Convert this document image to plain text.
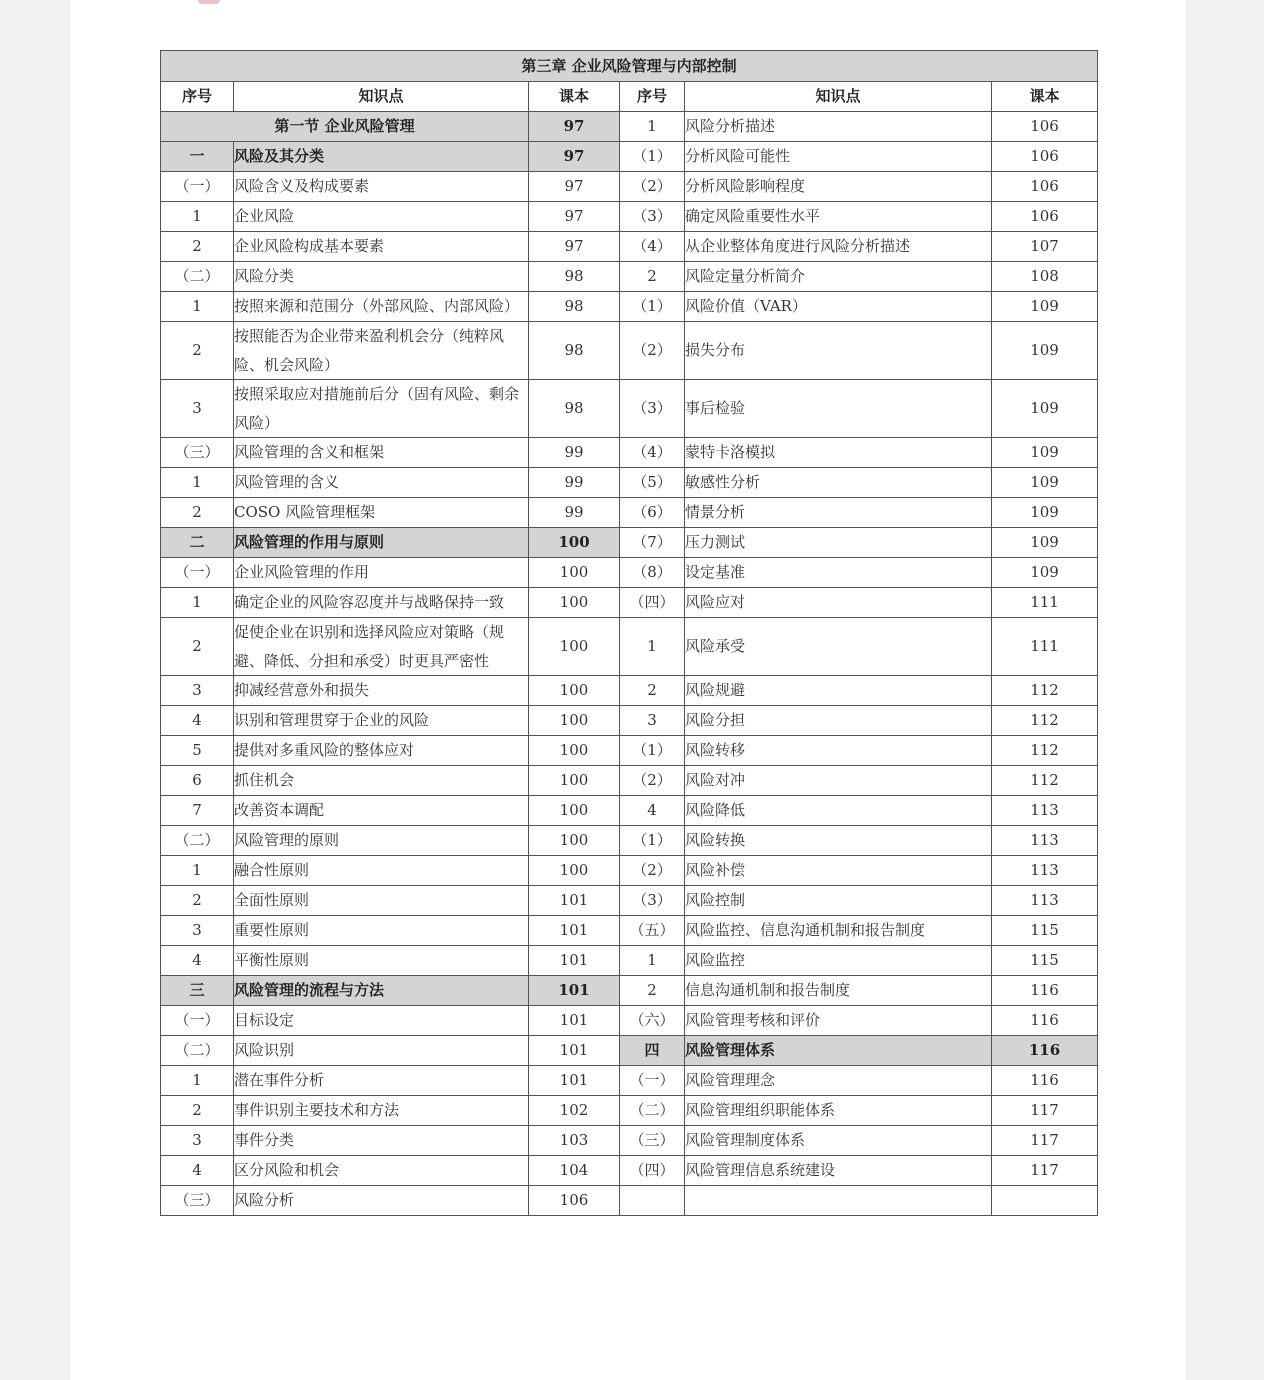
第三章 企业风险管理与内部控制					
序号	知识点	课本	序号	知识点	课本
第一节 企业风险管理		97	1	风险分析描述	106
一	风险及其分类	97	（1）	分析风险可能性	106
（一）	风险含义及构成要素	97	（2）	分析风险影响程度	106
1	企业风险	97	（3）	确定风险重要性水平	106
2	企业风险构成基本要素	97	（4）	从企业整体角度进行风险分析描述	107
（二）	风险分类	98	2	风险定量分析简介	108
1	按照来源和范围分（外部风险、内部风险）	98	（1）	风险价值（VAR）	109
2	按照能否为企业带来盈利机会分（纯粹风险、机会风险）	98	（2）	损失分布	109
3	按照采取应对措施前后分（固有风险、剩余风险）	98	（3）	事后检验	109
（三）	风险管理的含义和框架	99	（4）	蒙特卡洛模拟	109
1	风险管理的含义	99	（5）	敏感性分析	109
2	COSO 风险管理框架	99	（6）	情景分析	109
二	风险管理的作用与原则	100	（7）	压力测试	109
（一）	企业风险管理的作用	100	（8）	设定基准	109
1	确定企业的风险容忍度并与战略保持一致	100	（四）	风险应对	111
2	促使企业在识别和选择风险应对策略（规避、降低、分担和承受）时更具严密性	100	1	风险承受	111
3	抑减经营意外和损失	100	2	风险规避	112
4	识别和管理贯穿于企业的风险	100	3	风险分担	112
5	提供对多重风险的整体应对	100	（1）	风险转移	112
6	抓住机会	100	（2）	风险对冲	112
7	改善资本调配	100	4	风险降低	113
（二）	风险管理的原则	100	（1）	风险转换	113
1	融合性原则	100	（2）	风险补偿	113
2	全面性原则	101	（3）	风险控制	113
3	重要性原则	101	（五）	风险监控、信息沟通机制和报告制度	115
4	平衡性原则	101	1	风险监控	115
三	风险管理的流程与方法	101	2	信息沟通机制和报告制度	116
（一）	目标设定	101	（六）	风险管理考核和评价	116
（二）	风险识别	101	四	风险管理体系	116
1	潜在事件分析	101	（一）	风险管理理念	116
2	事件识别主要技术和方法	102	（二）	风险管理组织职能体系	117
3	事件分类	103	（三）	风险管理制度体系	117
4	区分风险和机会	104	（四）	风险管理信息系统建设	117
（三）	风险分析	106			
